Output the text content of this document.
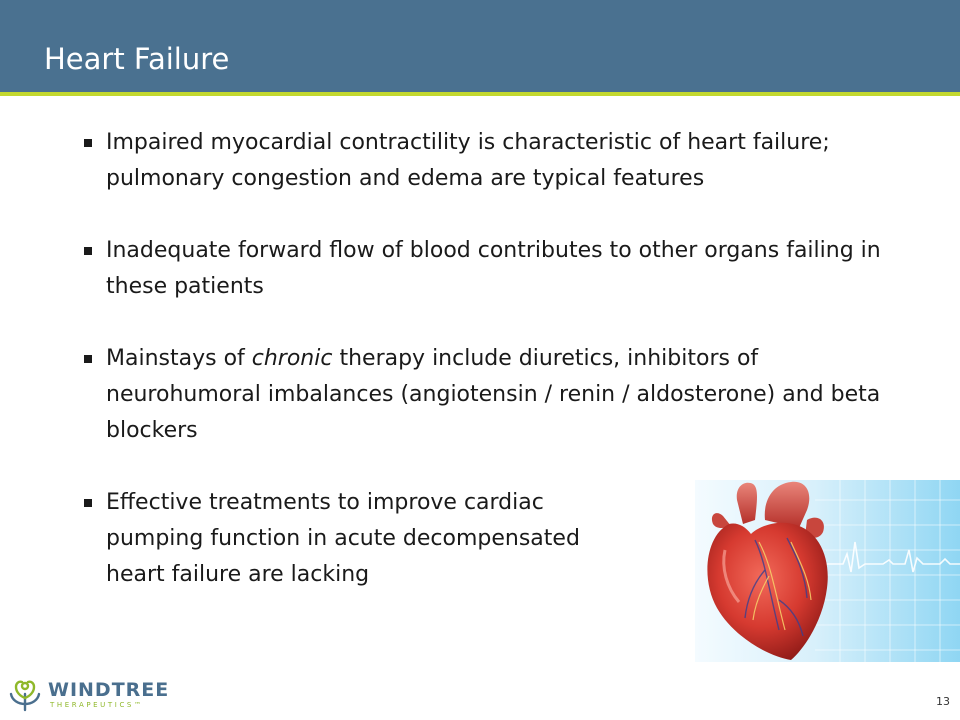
Heart Failure
Impaired myocardial contractility is characteristic of heart failure; pulmonary congestion and edema are typical features
Inadequate forward flow of blood contributes to other organs failing in these patients
Mainstays of chronic therapy include diuretics, inhibitors of neurohumoral imbalances (angiotensin / renin / aldosterone) and beta blockers
Effective treatments to improve cardiac
pumping function in acute decompensated
heart failure are lacking
WINDTREE
THERAPEUTICS™	13
